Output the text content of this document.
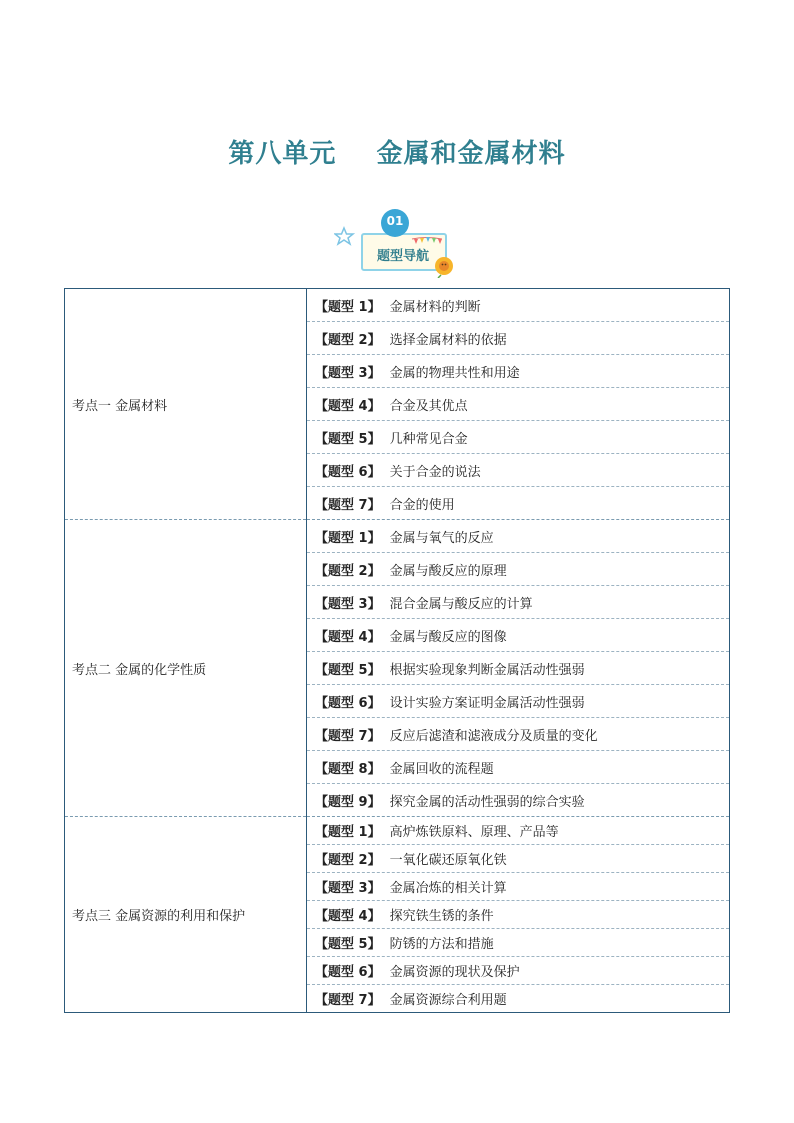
第八单元    金属和金属材料
01
题型导航
考点一 金属材料	【题型 1】 金属材料的判断
	【题型 2】 选择金属材料的依据
	【题型 3】 金属的物理共性和用途
	【题型 4】 合金及其优点
	【题型 5】 几种常见合金
	【题型 6】 关于合金的说法
	【题型 7】 合金的使用
考点二 金属的化学性质	【题型 1】 金属与氧气的反应
	【题型 2】 金属与酸反应的原理
	【题型 3】 混合金属与酸反应的计算
	【题型 4】 金属与酸反应的图像
	【题型 5】 根据实验现象判断金属活动性强弱
	【题型 6】 设计实验方案证明金属活动性强弱
	【题型 7】 反应后滤渣和滤液成分及质量的变化
	【题型 8】 金属回收的流程题
	【题型 9】 探究金属的活动性强弱的综合实验
考点三 金属资源的利用和保护	【题型 1】 高炉炼铁原料、原理、产品等
	【题型 2】 一氧化碳还原氧化铁
	【题型 3】 金属冶炼的相关计算
	【题型 4】 探究铁生锈的条件
	【题型 5】 防锈的方法和措施
	【题型 6】 金属资源的现状及保护
	【题型 7】 金属资源综合利用题
